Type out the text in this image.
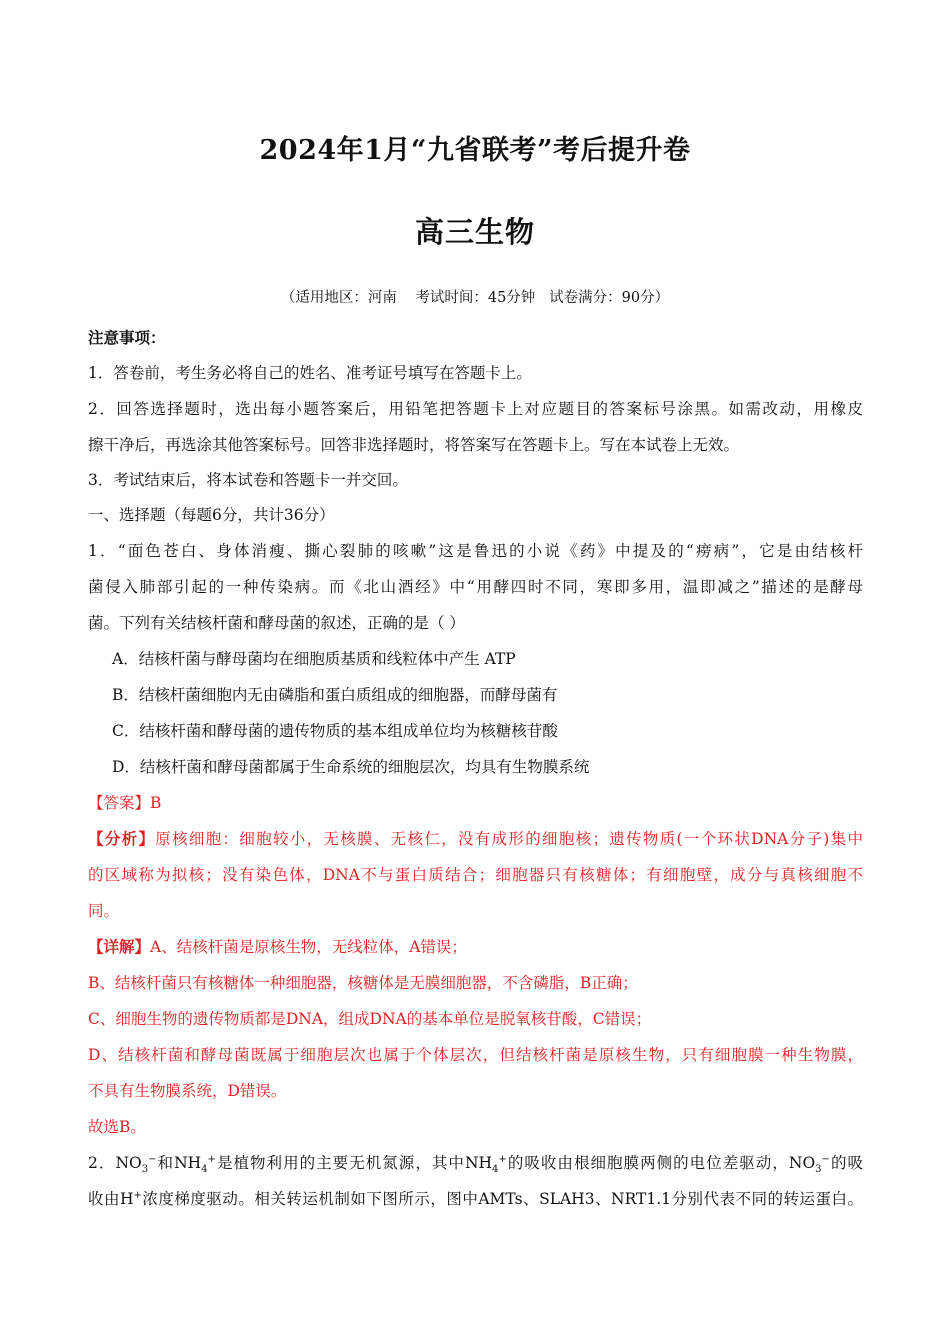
2024年1月“九省联考”考后提升卷
高三生物
（适用地区：河南    考试时间：45分钟   试卷满分：90分）
注意事项：
1．答卷前，考生务必将自己的姓名、准考证号填写在答题卡上。
2．回答选择题时，选出每小题答案后，用铅笔把答题卡上对应题目的答案标号涂黑。如需改动，用橡皮
擦干净后，再选涂其他答案标号。回答非选择题时，将答案写在答题卡上。写在本试卷上无效。
3．考试结束后，将本试卷和答题卡一并交回。
一、选择题（每题6分，共计36分）
1．“面色苍白、身体消瘦、撕心裂肺的咳嗽”这是鲁迅的小说《药》中提及的“痨病”，它是由结核杆
菌侵入肺部引起的一种传染病。而《北山酒经》中“用酵四时不同，寒即多用，温即减之”描述的是酵母
菌。下列有关结核杆菌和酵母菌的叙述，正确的是（ ）
A．结核杆菌与酵母菌均在细胞质基质和线粒体中产生 ATP
B．结核杆菌细胞内无由磷脂和蛋白质组成的细胞器，而酵母菌有
C．结核杆菌和酵母菌的遗传物质的基本组成单位均为核糖核苷酸
D．结核杆菌和酵母菌都属于生命系统的细胞层次，均具有生物膜系统
【答案】B
【分析】原核细胞：细胞较小，无核膜、无核仁，没有成形的细胞核；遗传物质(一个环状DNA分子)集中
的区域称为拟核；没有染色体，DNA不与蛋白质结合；细胞器只有核糖体；有细胞壁，成分与真核细胞不
同。
【详解】A、结核杆菌是原核生物，无线粒体，A错误；
B、结核杆菌只有核糖体一种细胞器，核糖体是无膜细胞器，不含磷脂，B正确；
C、细胞生物的遗传物质都是DNA，组成DNA的基本单位是脱氧核苷酸，C错误；
D、结核杆菌和酵母菌既属于细胞层次也属于个体层次，但结核杆菌是原核生物，只有细胞膜一种生物膜，
不具有生物膜系统，D错误。
故选B。
2．$NO_3^-$和$NH_4^+$是植物利用的主要无机氮源，其中$NH_4^+$的吸收由根细胞膜两侧的电位差驱动，$NO_3^-$的吸
收由H+浓度梯度驱动。相关转运机制如下图所示，图中AMTs、SLAH3、NRT1.1分别代表不同的转运蛋白。
